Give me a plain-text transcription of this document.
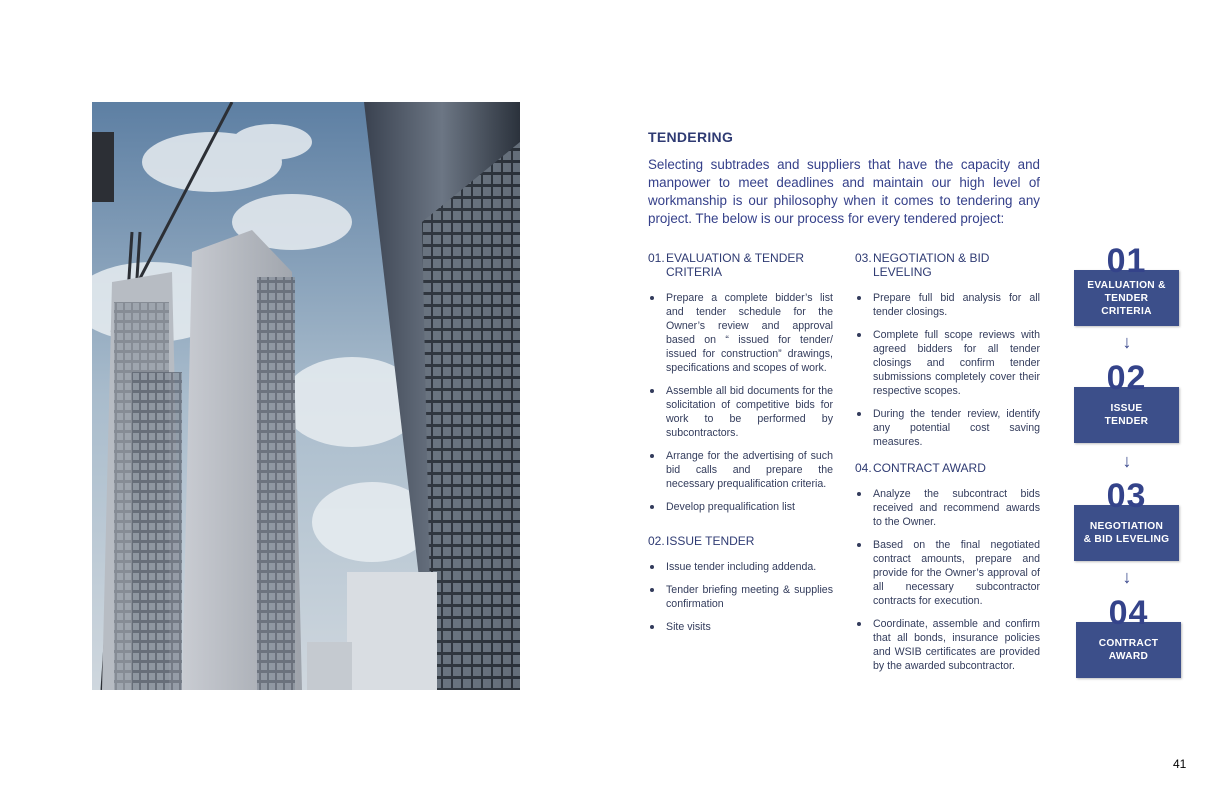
TENDERING
Selecting subtrades and suppliers that have the capacity and manpower to meet deadlines and maintain our high level of workmanship is our philosophy when it comes to tendering any project. The below is our process for every tendered project:
01. EVALUATION & TENDER CRITERIA
Prepare a complete bidder’s list and tender schedule for the Owner’s review and approval based on “ issued for tender/ issued for construction” drawings, specifications and scopes of work.
Assemble all bid documents for the solicitation of competitive bids for work to be performed by subcontractors.
Arrange for the advertising of such bid calls and prepare the necessary prequalification criteria.
Develop prequalification list
02. ISSUE TENDER
Issue tender including addenda.
Tender briefing meeting & supplies confirmation
Site visits
03. NEGOTIATION & BID LEVELING
Prepare full bid analysis for all tender closings.
Complete full scope reviews with agreed bidders for all tender closings and confirm tender submissions completely cover their respective scopes.
During the tender review, identify any potential cost saving measures.
04. CONTRACT AWARD
Analyze the subcontract bids received and recommend awards to the Owner.
Based on the final negotiated contract amounts, prepare and provide for the Owner’s approval of all necessary subcontractor contracts for execution.
Coordinate, assemble and confirm that all bonds, insurance policies and WSIB certificates are provided by the awarded subcontractor.
01
EVALUATION &
TENDER CRITERIA
↓
02
ISSUE
TENDER
↓
03
NEGOTIATION
& BID LEVELING
↓
04
CONTRACT
AWARD
41
